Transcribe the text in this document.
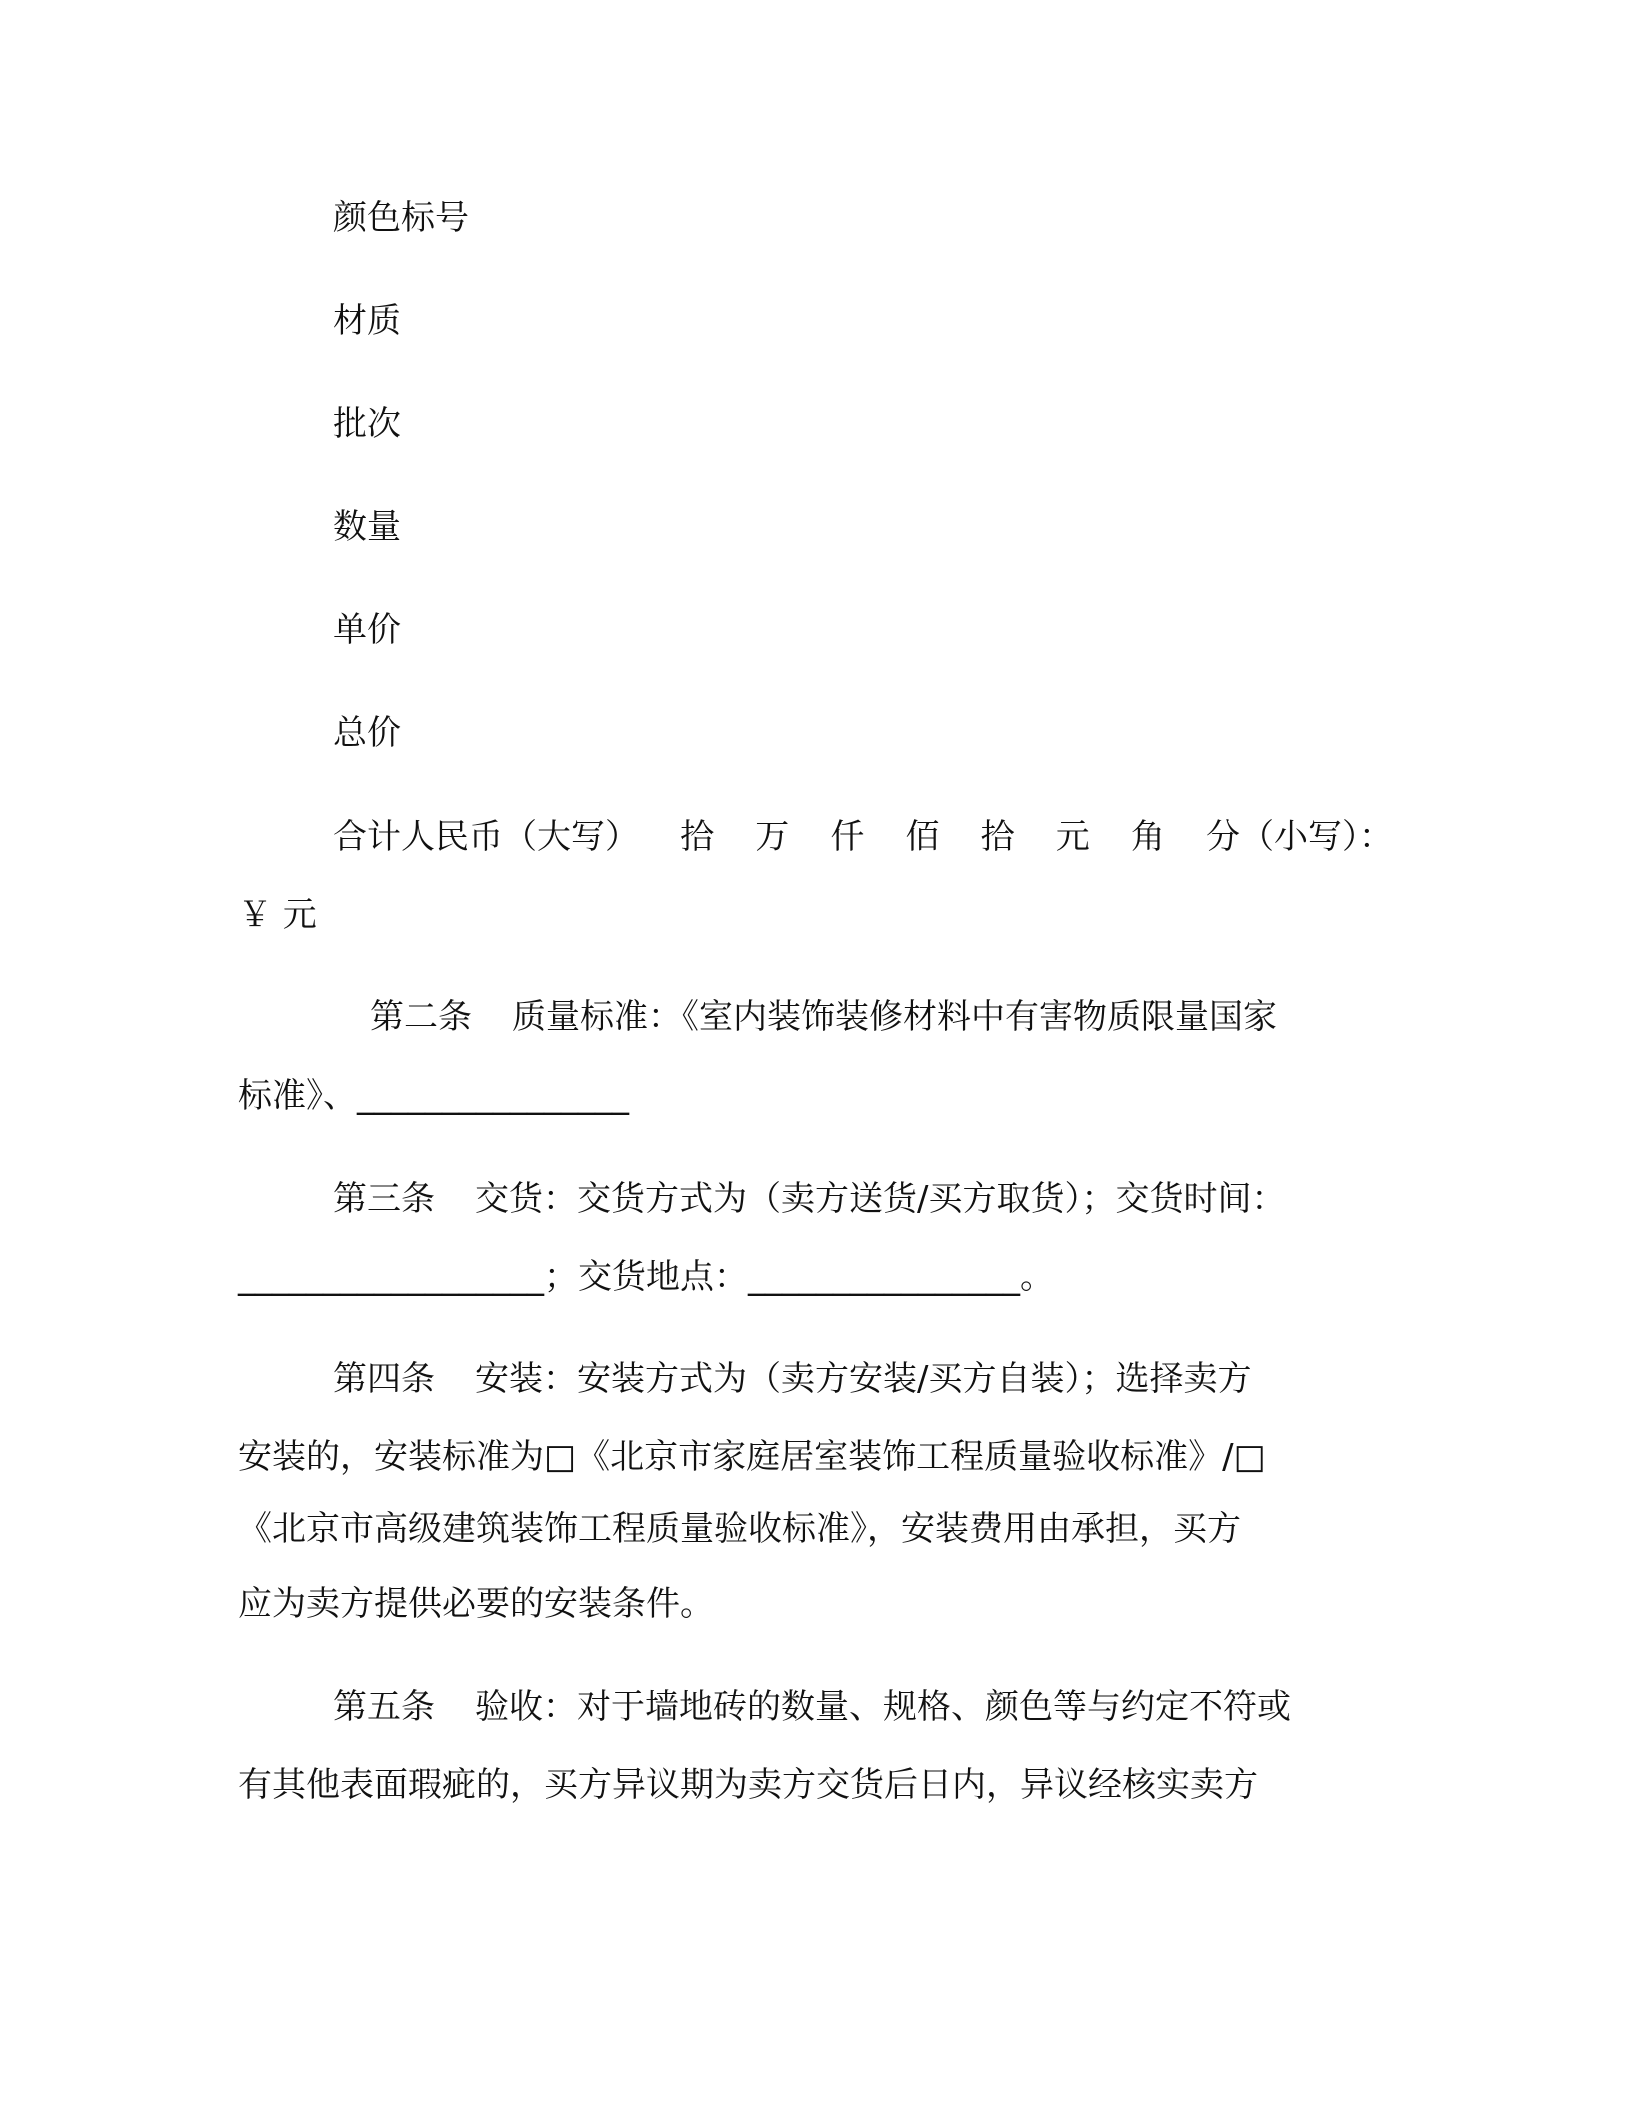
颜色标号
材质
批次
数量
单价
总价
合计人民币（大写） 拾 万 仟 佰 拾 元 角 分（小写）：
￥ 元
第二条 质量标准：《室内装饰装修材料中有害物质限量国家
标准》、________________
第三条 交货：交货方式为（卖方送货/买方取货）；交货时间：
__________________；交货地点：________________。
第四条 安装：安装方式为（卖方安装/买方自装）；选择卖方
安装的，安装标准为□《北京市家庭居室装饰工程质量验收标准》/□
《北京市高级建筑装饰工程质量验收标准》，安装费用由承担，买方
应为卖方提供必要的安装条件。
第五条 验收：对于墙地砖的数量、规格、颜色等与约定不符或
有其他表面瑕疵的，买方异议期为卖方交货后日内，异议经核实卖方
